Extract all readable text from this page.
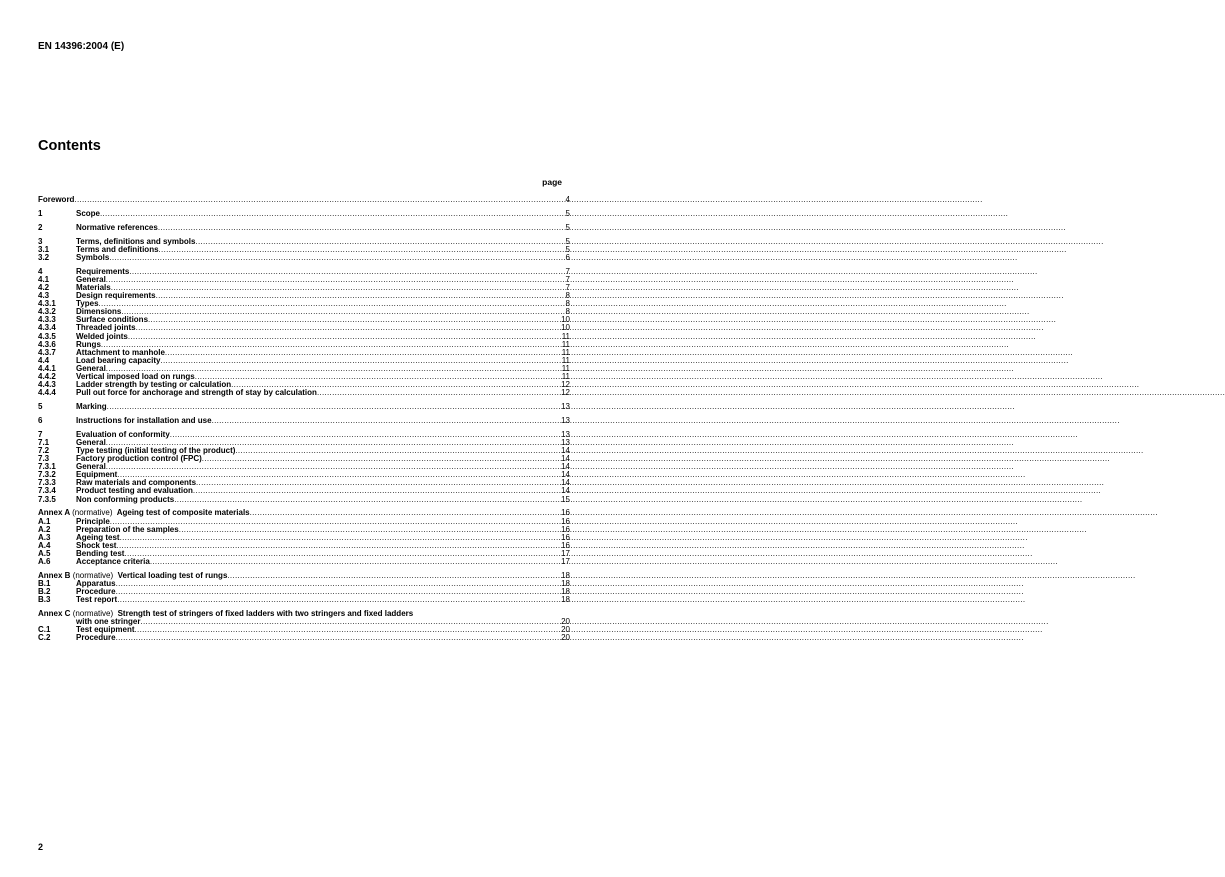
EN 14396:2004 (E)
Contents
page
Foreword .....	4
1	Scope .....	5
2	Normative references .....	5
3	Terms, definitions and symbols .....	5
3.1	Terms and definitions .....	5
3.2	Symbols .....	6
4	Requirements .....	7
4.1	General .....	7
4.2	Materials .....	7
4.3	Design requirements .....	8
4.3.1	Types .....	8
4.3.2	Dimensions .....	8
4.3.3	Surface conditions .....	10
4.3.4	Threaded joints .....	10
4.3.5	Welded joints .....	11
4.3.6	Rungs .....	11
4.3.7	Attachment to manhole .....	11
4.4	Load bearing capacity .....	11
4.4.1	General .....	11
4.4.2	Vertical imposed load on rungs .....	11
4.4.3	Ladder strength by testing or calculation .....	12
4.4.4	Pull out force for anchorage and strength of stay by calculation .....	12
5	Marking .....	13
6	Instructions for installation and use .....	13
7	Evaluation of conformity .....	13
7.1	General .....	13
7.2	Type testing (initial testing of the product) .....	14
7.3	Factory production control (FPC) .....	14
7.3.1	General .....	14
7.3.2	Equipment .....	14
7.3.3	Raw materials and components .....	14
7.3.4	Product testing and evaluation .....	14
7.3.5	Non conforming products .....	15
Annex A (normative) Ageing test of composite materials .....	16
A.1	Principle .....	16
A.2	Preparation of the samples .....	16
A.3	Ageing test .....	16
A.4	Shock test .....	16
A.5	Bending test .....	17
A.6	Acceptance criteria .....	17
Annex B (normative) Vertical loading test of rungs .....	18
B.1	Apparatus .....	18
B.2	Procedure .....	18
B.3	Test report .....	18
Annex C (normative) Strength test of stringers of fixed ladders with two stringers and fixed ladders
with one stringer .....	20
C.1	Test equipment .....	20
C.2	Procedure .....	20
2
